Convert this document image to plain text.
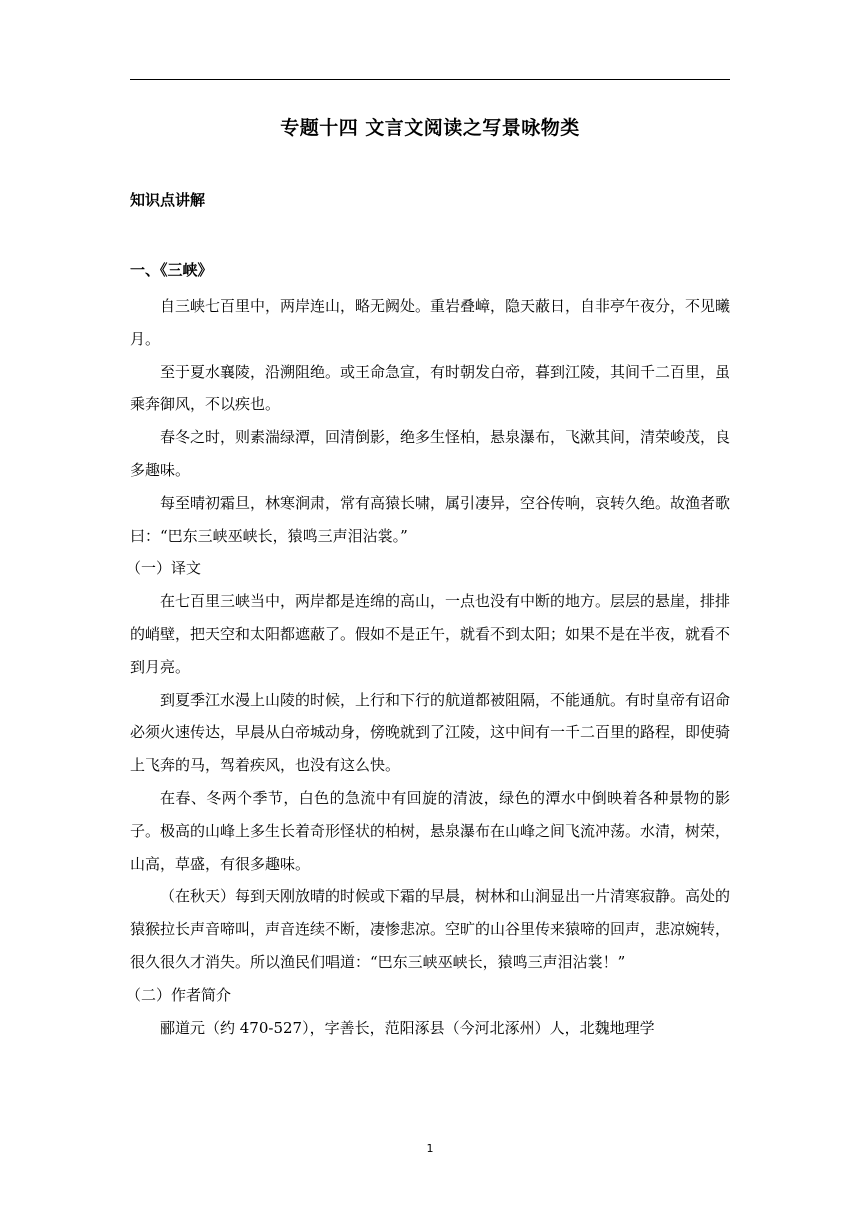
专题十四 文言文阅读之写景咏物类
知识点讲解
一、《三峡》

自三峡七百里中，两岸连山，略无阙处。重岩叠嶂，隐天蔽日，自非亭午夜分，不见曦月。

至于夏水襄陵，沿溯阻绝。或王命急宣，有时朝发白帝，暮到江陵，其间千二百里，虽乘奔御风，不以疾也。

春冬之时，则素湍绿潭，回清倒影，绝多生怪柏，悬泉瀑布，飞漱其间，清荣峻茂，良多趣味。

每至晴初霜旦，林寒涧肃，常有高猿长啸，属引凄异，空谷传响，哀转久绝。故渔者歌曰：“巴东三峡巫峡长，猿鸣三声泪沾裳。”

（一）译文

在七百里三峡当中，两岸都是连绵的高山，一点也没有中断的地方。层层的悬崖，排排的峭壁，把天空和太阳都遮蔽了。假如不是正午，就看不到太阳；如果不是在半夜，就看不到月亮。

到夏季江水漫上山陵的时候，上行和下行的航道都被阻隔，不能通航。有时皇帝有诏命必须火速传达，早晨从白帝城动身，傍晚就到了江陵，这中间有一千二百里的路程，即使骑上飞奔的马，驾着疾风，也没有这么快。

在春、冬两个季节，白色的急流中有回旋的清波，绿色的潭水中倒映着各种景物的影子。极高的山峰上多生长着奇形怪状的柏树，悬泉瀑布在山峰之间飞流冲荡。水清，树荣，山高，草盛，有很多趣味。

（在秋天）每到天刚放晴的时候或下霜的早晨，树林和山涧显出一片清寒寂静。高处的猿猴拉长声音啼叫，声音连续不断，凄惨悲凉。空旷的山谷里传来猿啼的回声，悲凉婉转，很久很久才消失。所以渔民们唱道：“巴东三峡巫峡长，猿鸣三声泪沾裳！”

（二）作者简介

郦道元（约 470-527），字善长，范阳涿县（今河北涿州）人，北魏地理学

1
